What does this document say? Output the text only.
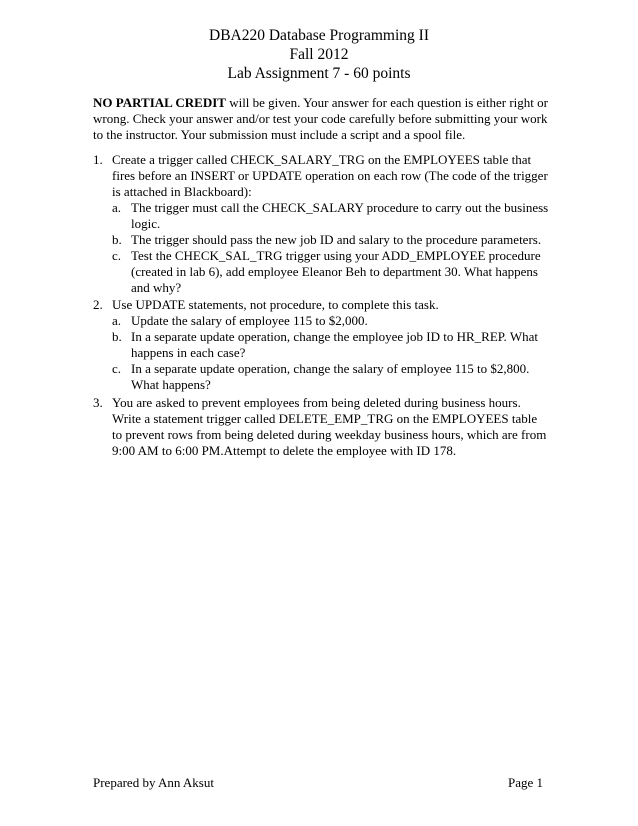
DBA220 Database Programming II
Fall 2012
Lab Assignment 7 - 60 points
NO PARTIAL CREDIT will be given. Your answer for each question is either right or wrong. Check your answer and/or test your code carefully before submitting your work to the instructor. Your submission must include a script and a spool file.
1. Create a trigger called CHECK_SALARY_TRG on the EMPLOYEES table that fires before an INSERT or UPDATE operation on each row (The code of the trigger is attached in Blackboard):
a. The trigger must call the CHECK_SALARY procedure to carry out the business logic.
b. The trigger should pass the new job ID and salary to the procedure parameters.
c. Test the CHECK_SAL_TRG trigger using your ADD_EMPLOYEE procedure (created in lab 6), add employee Eleanor Beh to department 30. What happens and why?
2. Use UPDATE statements, not procedure, to complete this task.
a. Update the salary of employee 115 to $2,000.
b. In a separate update operation, change the employee job ID to HR_REP. What happens in each case?
c. In a separate update operation, change the salary of employee 115 to $2,800. What happens?
3. You are asked to prevent employees from being deleted during business hours. Write a statement trigger called DELETE_EMP_TRG on the EMPLOYEES table to prevent rows from being deleted during weekday business hours, which are from 9:00 AM to 6:00 PM.Attempt to delete the employee with ID 178.
Prepared by Ann Aksut	Page 1
